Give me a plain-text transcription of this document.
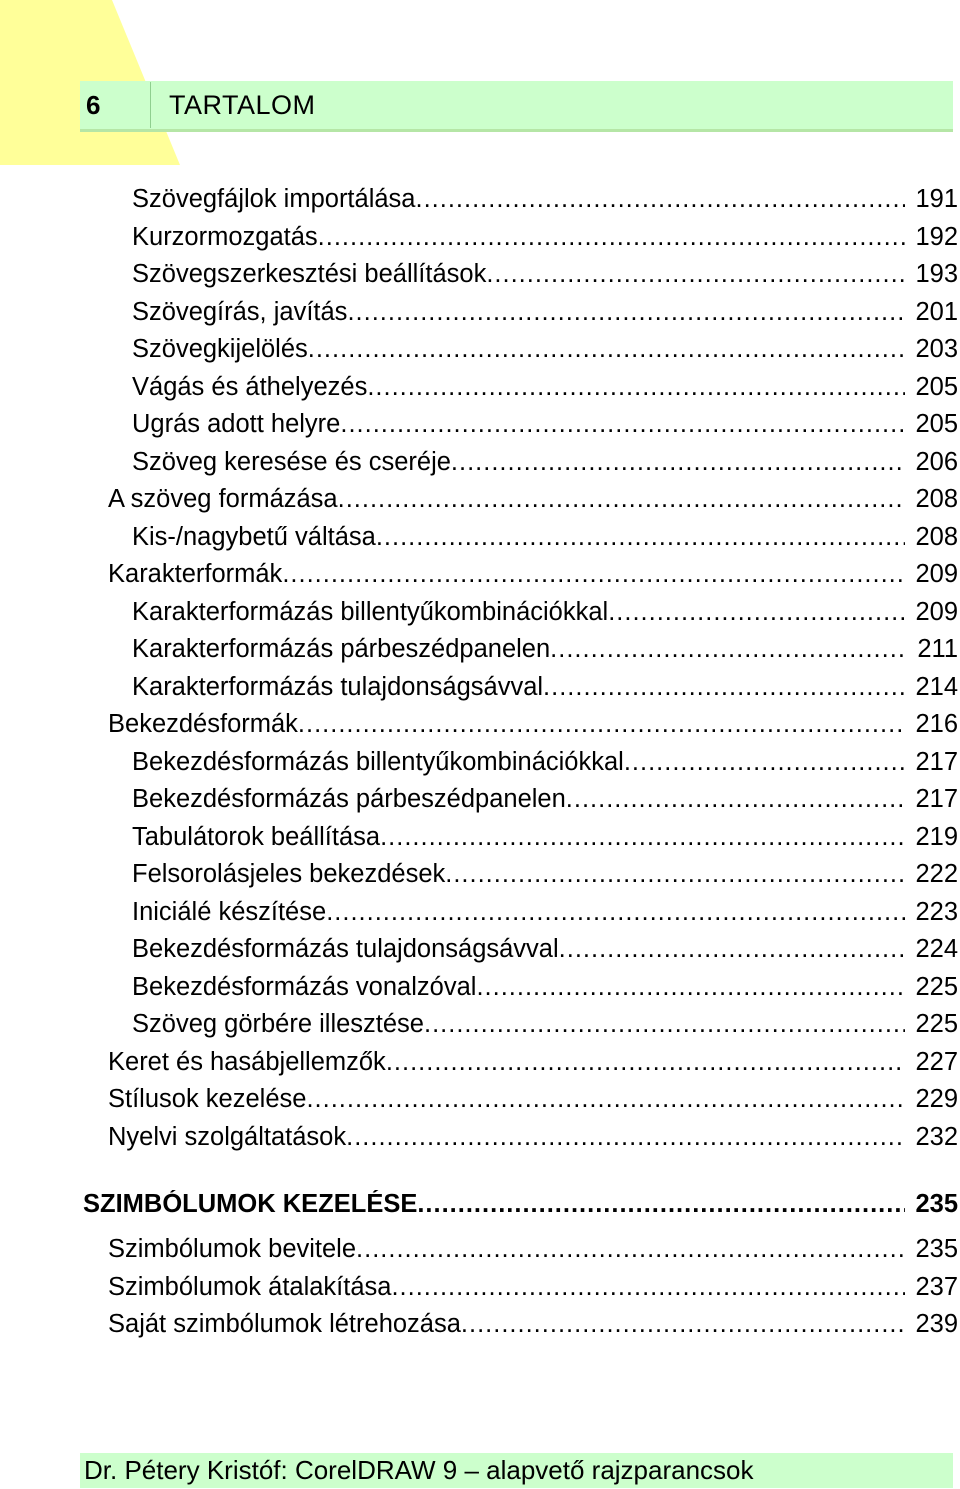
6	TARTALOM
Szövegfájlok importálása .....	191
Kurzormozgatás .....	192
Szövegszerkesztési beállítások .....	193
Szövegírás, javítás .....	201
Szövegkijelölés .....	203
Vágás és áthelyezés .....	205
Ugrás adott helyre .....	205
Szöveg keresése és cseréje .....	206
A szöveg formázása .....	208
Kis-/nagybetű váltása .....	208
Karakterformák .....	209
Karakterformázás billentyűkombinációkkal .....	209
Karakterformázás párbeszédpanelen .....	211
Karakterformázás tulajdonságsávval .....	214
Bekezdésformák .....	216
Bekezdésformázás billentyűkombinációkkal .....	217
Bekezdésformázás párbeszédpanelen .....	217
Tabulátorok beállítása .....	219
Felsorolásjeles bekezdések .....	222
Iniciálé készítése .....	223
Bekezdésformázás tulajdonságsávval .....	224
Bekezdésformázás vonalzóval .....	225
Szöveg görbére illesztése .....	225
Keret és hasábjellemzők .....	227
Stílusok kezelése .....	229
Nyelvi szolgáltatások .....	232
SZIMBÓLUMOK KEZELÉSE .....	235
Szimbólumok bevitele .....	235
Szimbólumok átalakítása .....	237
Saját szimbólumok létrehozása .....	239
Dr. Pétery Kristóf: CorelDRAW 9 – alapvető rajzparancsok
